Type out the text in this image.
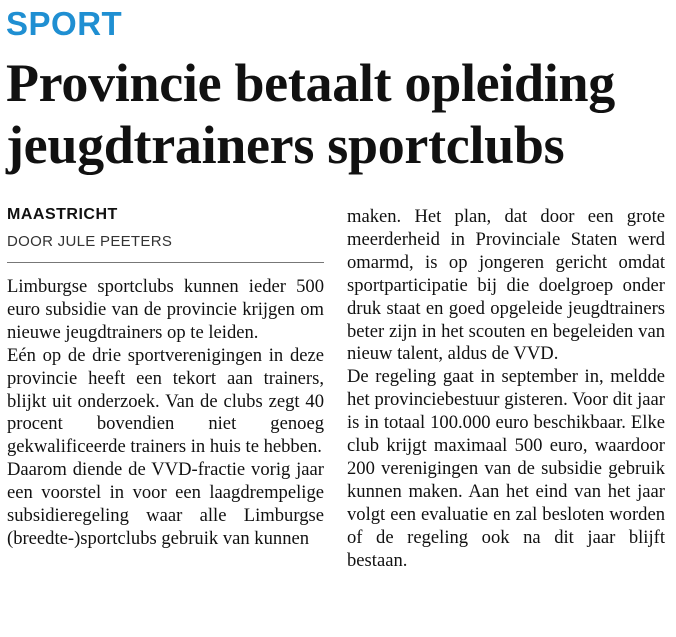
SPORT
Provincie betaalt opleiding jeugdtrainers sportclubs
MAASTRICHT
DOOR JULE PEETERS

Limburgse sportclubs kunnen ieder 500 euro subsidie van de provincie krijgen om nieuwe jeugdtrainers op te leiden.

Eén op de drie sportverenigingen in deze provincie heeft een tekort aan trainers, blijkt uit onderzoek. Van de clubs zegt 40 procent bovendien niet genoeg gekwalificeerde trainers in huis te hebben.

Daarom diende de VVD-fractie vorig jaar een voorstel in voor een laagdrempelige subsidieregeling waar alle Limburgse (breedte-)sportclubs gebruik van kunnen

maken. Het plan, dat door een grote meerderheid in Provinciale Staten werd omarmd, is op jongeren gericht omdat sportparticipatie bij die doelgroep onder druk staat en goed opgeleide jeugdtrainers beter zijn in het scouten en begeleiden van nieuw talent, aldus de VVD.

De regeling gaat in september in, meldde het provinciebestuur gisteren. Voor dit jaar is in totaal 100.000 euro beschikbaar. Elke club krijgt maximaal 500 euro, waardoor 200 verenigingen van de subsidie gebruik kunnen maken. Aan het eind van het jaar volgt een evaluatie en zal besloten worden of de regeling ook na dit jaar blijft bestaan.
